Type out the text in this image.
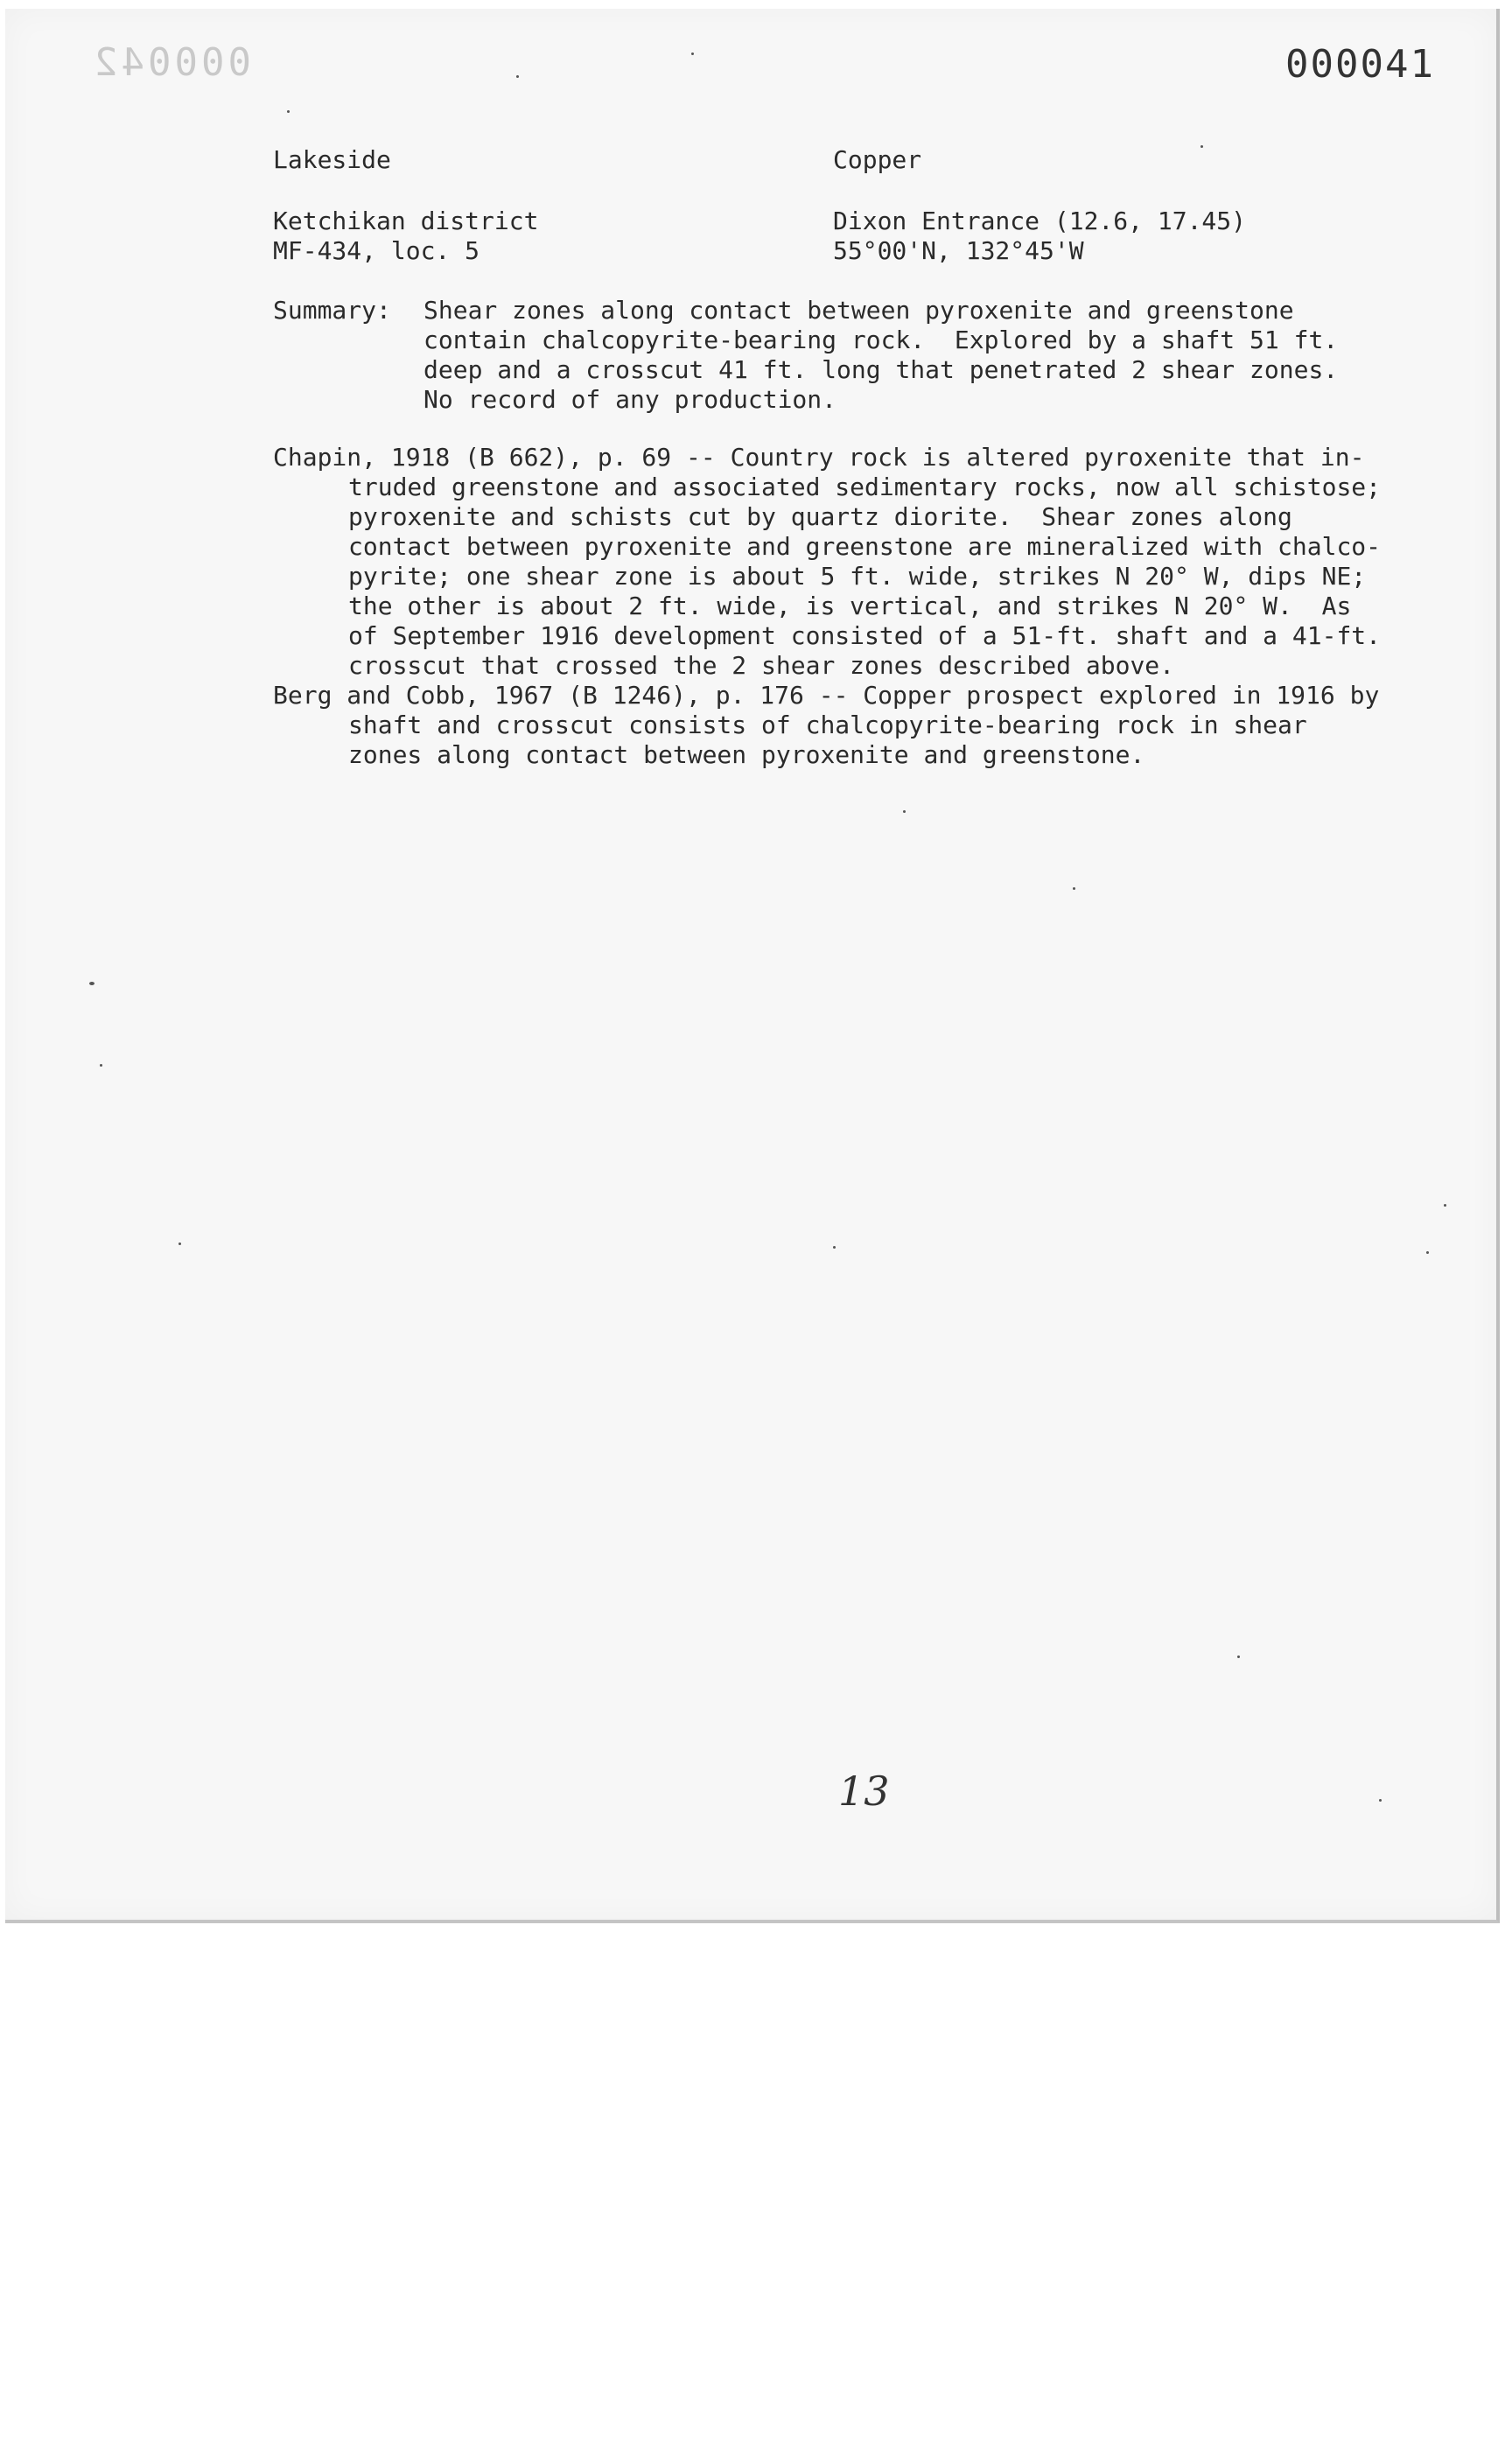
000042	000041
Lakeside	Copper
Ketchikan district	Dixon Entrance (12.6, 17.45)
MF-434, loc. 5	55°00'N, 132°45'W
Summary: Shear zones along contact between pyroxenite and greenstone
contain chalcopyrite-bearing rock.  Explored by a shaft 51 ft.
deep and a crosscut 41 ft. long that penetrated 2 shear zones.
No record of any production.
Chapin, 1918 (B 662), p. 69 -- Country rock is altered pyroxenite that in-
truded greenstone and associated sedimentary rocks, now all schistose;
pyroxenite and schists cut by quartz diorite.  Shear zones along
contact between pyroxenite and greenstone are mineralized with chalco-
pyrite; one shear zone is about 5 ft. wide, strikes N 20° W, dips NE;
the other is about 2 ft. wide, is vertical, and strikes N 20° W.  As
of September 1916 development consisted of a 51-ft. shaft and a 41-ft.
crosscut that crossed the 2 shear zones described above.
Berg and Cobb, 1967 (B 1246), p. 176 -- Copper prospect explored in 1916 by
shaft and crosscut consists of chalcopyrite-bearing rock in shear
zones along contact between pyroxenite and greenstone.
13
